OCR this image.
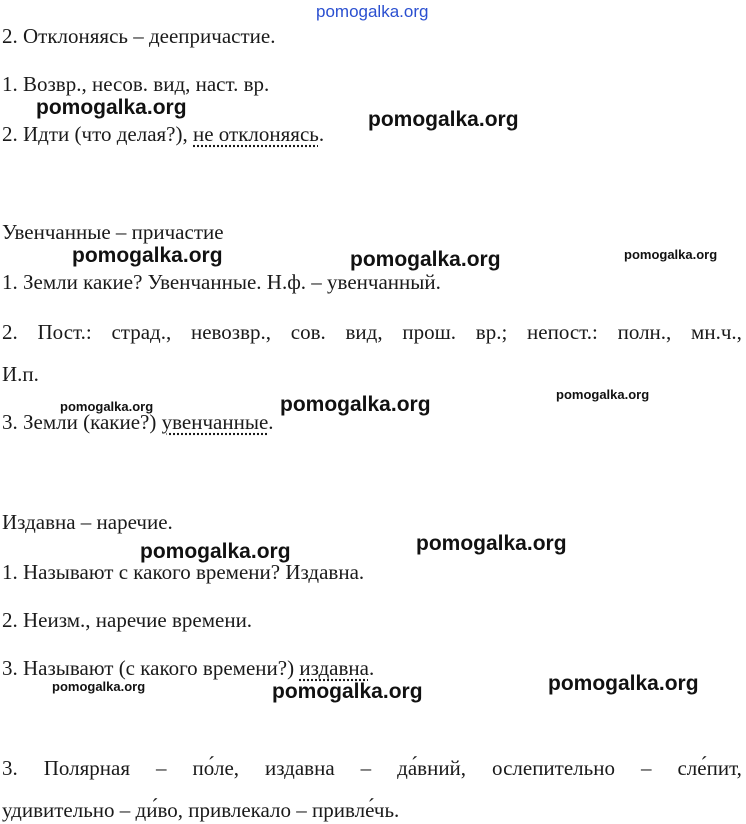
pomogalka.org
2. Отклоняясь – деепричастие.
1. Возвр., несов. вид, наст. вр.
2. Идти (что делая?), не отклоняясь.
Увенчанные – причастие
1. Земли какие? Увенчанные. Н.ф. – увенчанный.
2. Пост.: страд., невозвр., сов. вид, прош. вр.; непост.: полн., мн.ч.,
И.п.
3. Земли (какие?) увенчанные.
Издавна – наречие.
1. Называют с какого времени? Издавна.
2. Неизм., наречие времени.
3. Называют (с какого времени?) издавна.
3. Полярная – по́ле, издавна – да́вний, ослепительно – сле́пит,
удивительно – ди́во, привлекало – привле́чь.
pomogalka.org
pomogalka.org
pomogalka.org	pomogalka.org	pomogalka.org
pomogalka.org
pomogalka.org	pomogalka.org
pomogalka.org
pomogalka.org
pomogalka.org	pomogalka.org	pomogalka.org
